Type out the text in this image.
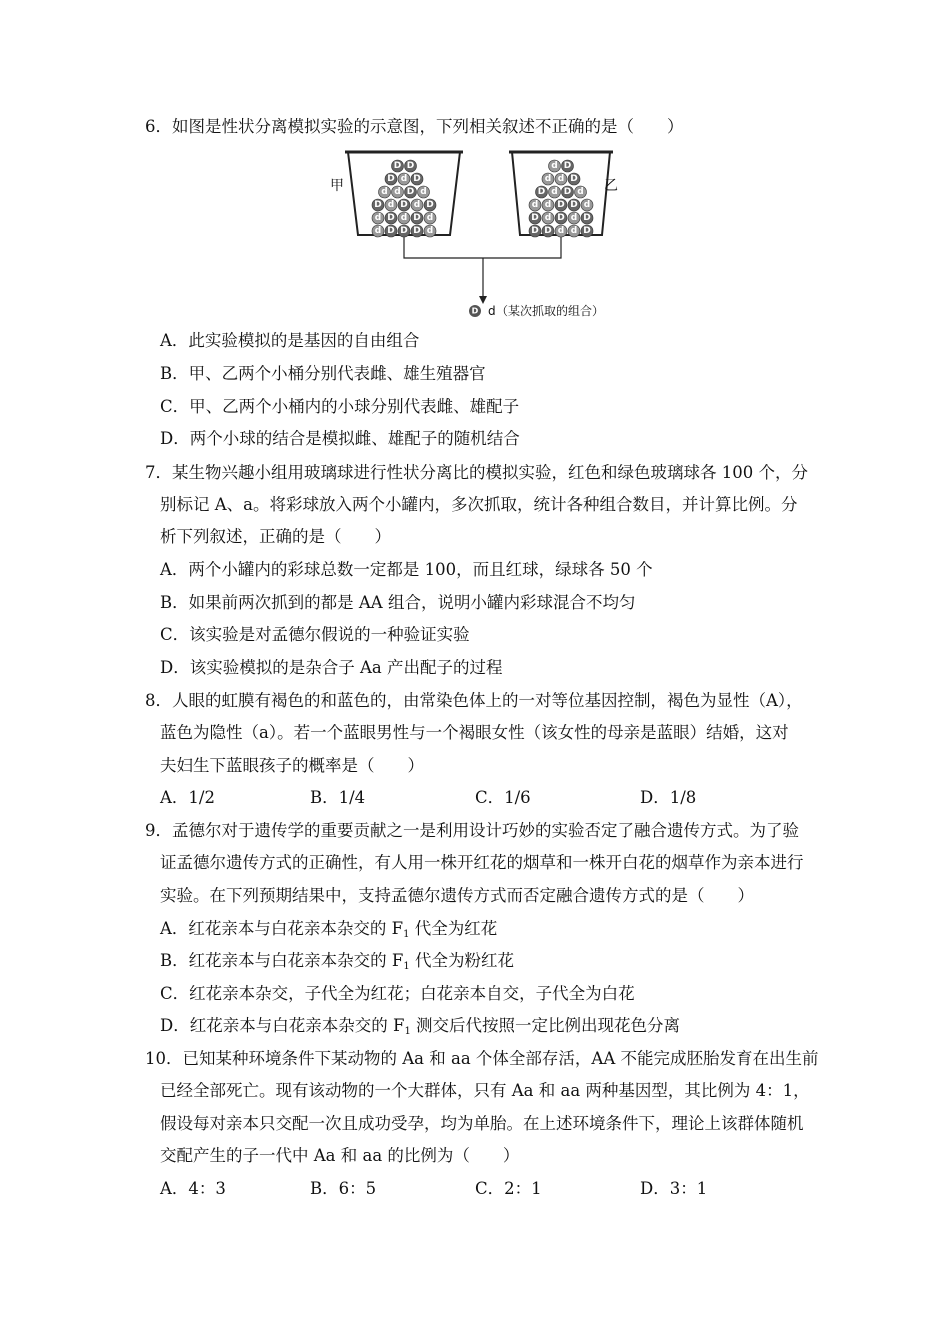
6．如图是性状分离模拟实验的示意图，下列相关叙述不正确的是（　　）
甲	乙
D D
D d D
d d D d
D d D d D
d D d D d
d D D D d
d D
d d D
D d D d
d d D D d
D d D d D
D D d d D
D d （某次抓取的组合）
A．此实验模拟的是基因的自由组合
B．甲、乙两个小桶分别代表雌、雄生殖器官
C．甲、乙两个小桶内的小球分别代表雌、雄配子
D．两个小球的结合是模拟雌、雄配子的随机结合
7．某生物兴趣小组用玻璃球进行性状分离比的模拟实验，红色和绿色玻璃球各 100 个，分
别标记 A、a。将彩球放入两个小罐内，多次抓取，统计各种组合数目，并计算比例。分
析下列叙述，正确的是（　　）
A．两个小罐内的彩球总数一定都是 100，而且红球，绿球各 50 个
B．如果前两次抓到的都是 AA 组合，说明小罐内彩球混合不均匀
C．该实验是对孟德尔假说的一种验证实验
D．该实验模拟的是杂合子 Aa 产出配子的过程
8．人眼的虹膜有褐色的和蓝色的，由常染色体上的一对等位基因控制，褐色为显性（A），
蓝色为隐性（a）。若一个蓝眼男性与一个褐眼女性（该女性的母亲是蓝眼）结婚，这对
夫妇生下蓝眼孩子的概率是（　　）
A．1/2	B．1/4	C．1/6	D．1/8
9．孟德尔对于遗传学的重要贡献之一是利用设计巧妙的实验否定了融合遗传方式。为了验
证孟德尔遗传方式的正确性，有人用一株开红花的烟草和一株开白花的烟草作为亲本进行
实验。在下列预期结果中，支持孟德尔遗传方式而否定融合遗传方式的是（　　）
A．红花亲本与白花亲本杂交的 $F_1$ 代全为红花
B．红花亲本与白花亲本杂交的 $F_1$ 代全为粉红花
C．红花亲本杂交，子代全为红花；白花亲本自交，子代全为白花
D．红花亲本与白花亲本杂交的 $F_1$ 测交后代按照一定比例出现花色分离
10．已知某种环境条件下某动物的 Aa 和 aa 个体全部存活，AA 不能完成胚胎发育在出生前
已经全部死亡。现有该动物的一个大群体，只有 Aa 和 aa 两种基因型，其比例为 4：1，
假设每对亲本只交配一次且成功受孕，均为单胎。在上述环境条件下，理论上该群体随机
交配产生的子一代中 Aa 和 aa 的比例为（　　）
A．4：3	B．6：5	C．2：1	D．3：1
